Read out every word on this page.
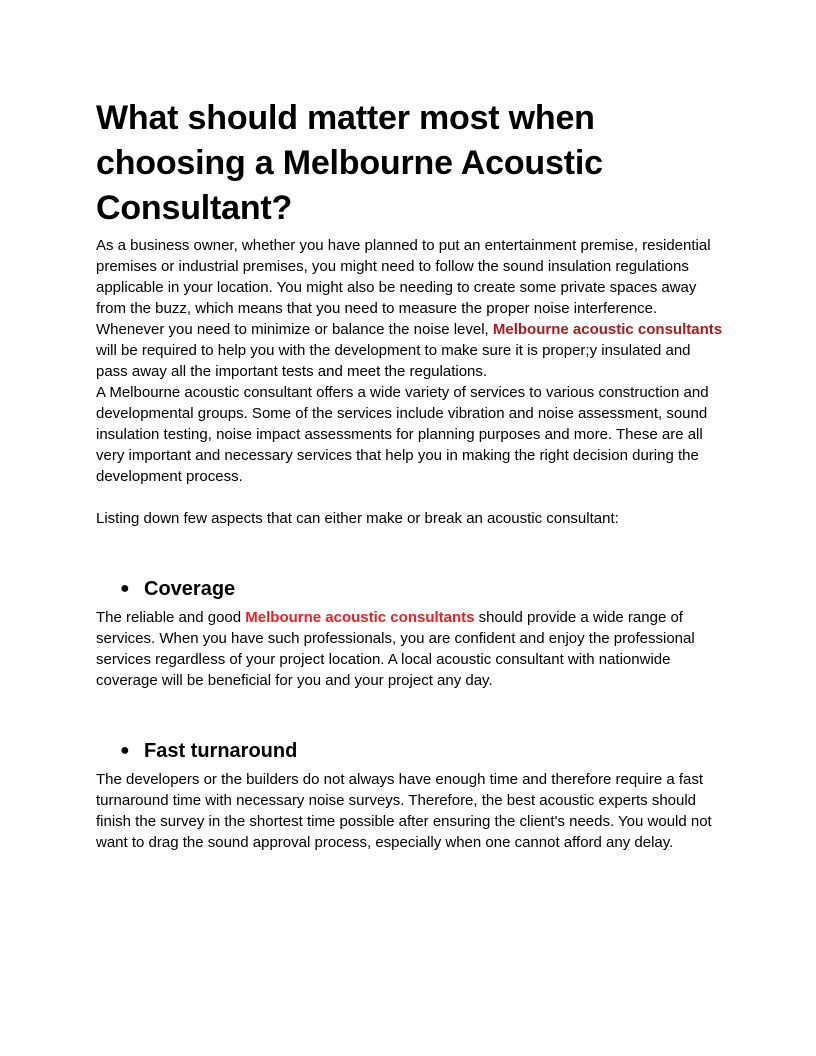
What should matter most when choosing a Melbourne Acoustic Consultant?

As a business owner, whether you have planned to put an entertainment premise, residential premises or industrial premises, you might need to follow the sound insulation regulations applicable in your location. You might also be needing to create some private spaces away from the buzz, which means that you need to measure the proper noise interference. Whenever you need to minimize or balance the noise level, Melbourne acoustic consultants will be required to help you with the development to make sure it is proper;y insulated and pass away all the important tests and meet the regulations.

A Melbourne acoustic consultant offers a wide variety of services to various construction and developmental groups. Some of the services include vibration and noise assessment, sound insulation testing, noise impact assessments for planning purposes and more. These are all very important and necessary services that help you in making the right decision during the development process.

Listing down few aspects that can either make or break an acoustic consultant:

● Coverage

The reliable and good Melbourne acoustic consultants should provide a wide range of services. When you have such professionals, you are confident and enjoy the professional services regardless of your project location. A local acoustic consultant with nationwide coverage will be beneficial for you and your project any day.

● Fast turnaround

The developers or the builders do not always have enough time and therefore require a fast turnaround time with necessary noise surveys. Therefore, the best acoustic experts should finish the survey in the shortest time possible after ensuring the client's needs. You would not want to drag the sound approval process, especially when one cannot afford any delay.
